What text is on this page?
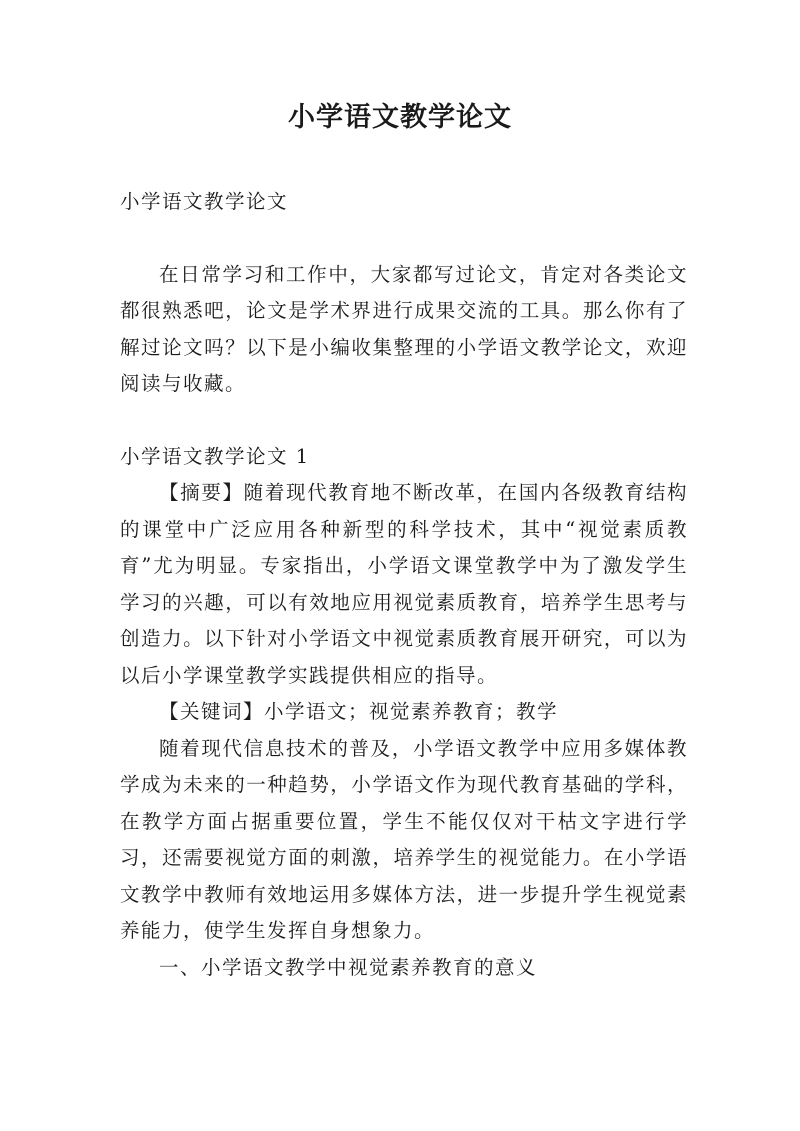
小学语文教学论文

小学语文教学论文

在日常学习和工作中，大家都写过论文，肯定对各类论文都很熟悉吧，论文是学术界进行成果交流的工具。那么你有了解过论文吗？以下是小编收集整理的小学语文教学论文，欢迎阅读与收藏。

小学语文教学论文 1

【摘要】随着现代教育地不断改革，在国内各级教育结构的课堂中广泛应用各种新型的科学技术，其中“视觉素质教育”尤为明显。专家指出，小学语文课堂教学中为了激发学生学习的兴趣，可以有效地应用视觉素质教育，培养学生思考与创造力。以下针对小学语文中视觉素质教育展开研究，可以为以后小学课堂教学实践提供相应的指导。

【关键词】小学语文；视觉素养教育；教学

随着现代信息技术的普及，小学语文教学中应用多媒体教学成为未来的一种趋势，小学语文作为现代教育基础的学科，在教学方面占据重要位置，学生不能仅仅对干枯文字进行学习，还需要视觉方面的刺激，培养学生的视觉能力。在小学语文教学中教师有效地运用多媒体方法，进一步提升学生视觉素养能力，使学生发挥自身想象力。

一、小学语文教学中视觉素养教育的意义
